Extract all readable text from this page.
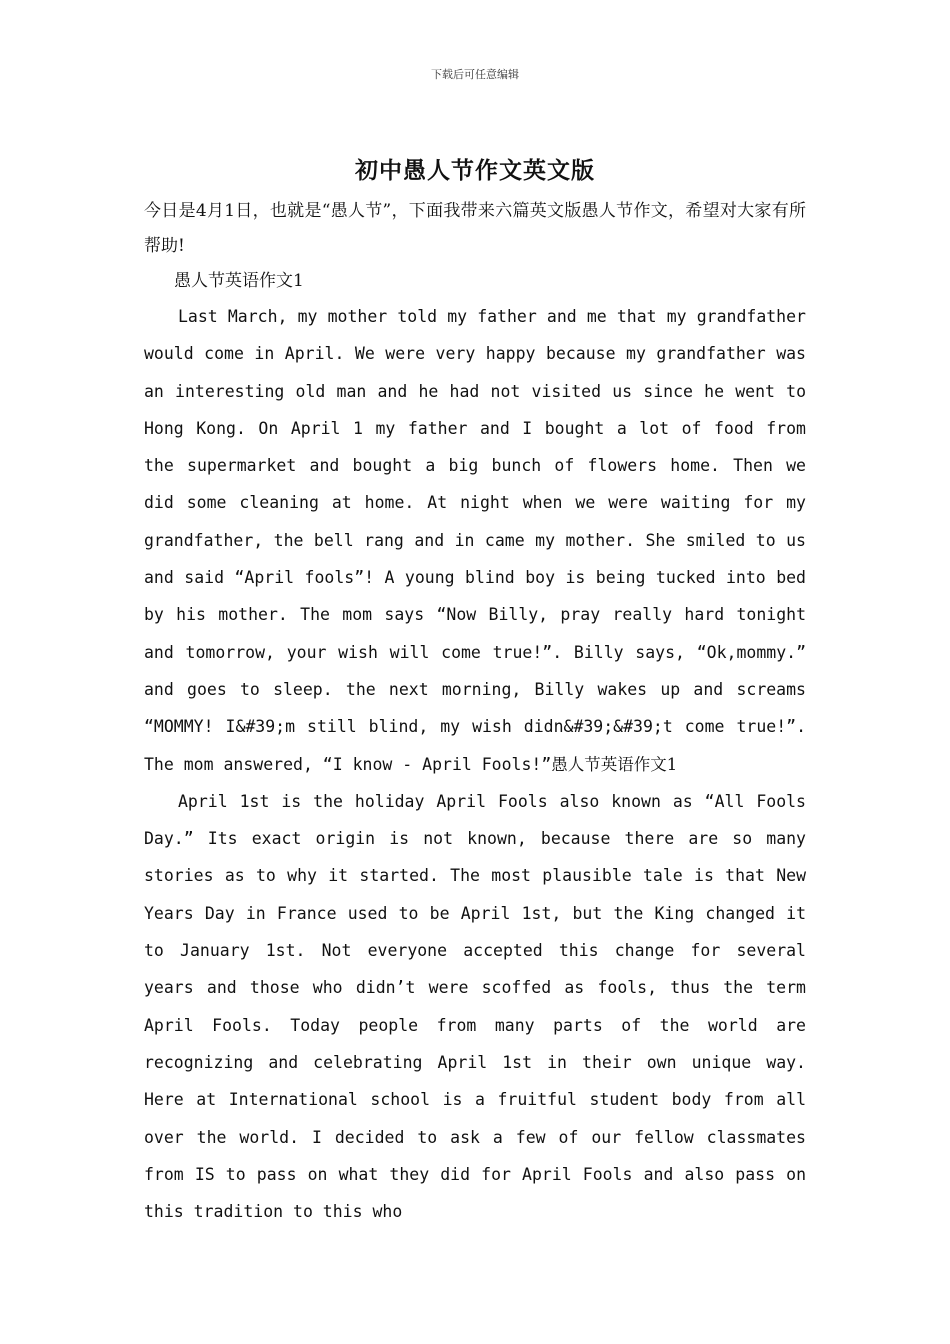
下载后可任意编辑
初中愚人节作文英文版

今日是4月1日，也就是“愚人节”，下面我带来六篇英文版愚人节作文，希望对大家有所帮助!

愚人节英语作文1

Last March, my mother told my father and me that my grandfather would come in April. We were very happy because my grandfather was an interesting old man and he had not visited us since he went to Hong Kong. On April 1 my father and I bought a lot of food from the supermarket and bought a big bunch of flowers home. Then we did some cleaning at home. At night when we were waiting for my grandfather, the bell rang and in came my mother. She smiled to us and said “April fools”! A young blind boy is being tucked into bed by his mother. The mom says “Now Billy, pray really hard tonight and tomorrow, your wish will come true!”. Billy says, “Ok,mommy.” and goes to sleep. the next morning, Billy wakes up and screams “MOMMY! I&#39;m still blind, my wish didn&#39;&#39;t come true!”. The mom answered, “I know - April Fools!”愚人节英语作文1

April 1st is the holiday April Fools also known as “All Fools Day.” Its exact origin is not known, because there are so many stories as to why it started. The most plausible tale is that New Years Day in France used to be April 1st, but the King changed it to January 1st. Not everyone accepted this change for several years and those who didn’t were scoffed as fools, thus the term April Fools. Today people from many parts of the world are recognizing and celebrating April 1st in their own unique way. Here at International school is a fruitful student body from all over the world. I decided to ask a few of our fellow classmates from IS to pass on what they did for April Fools and also pass on this tradition to this who
